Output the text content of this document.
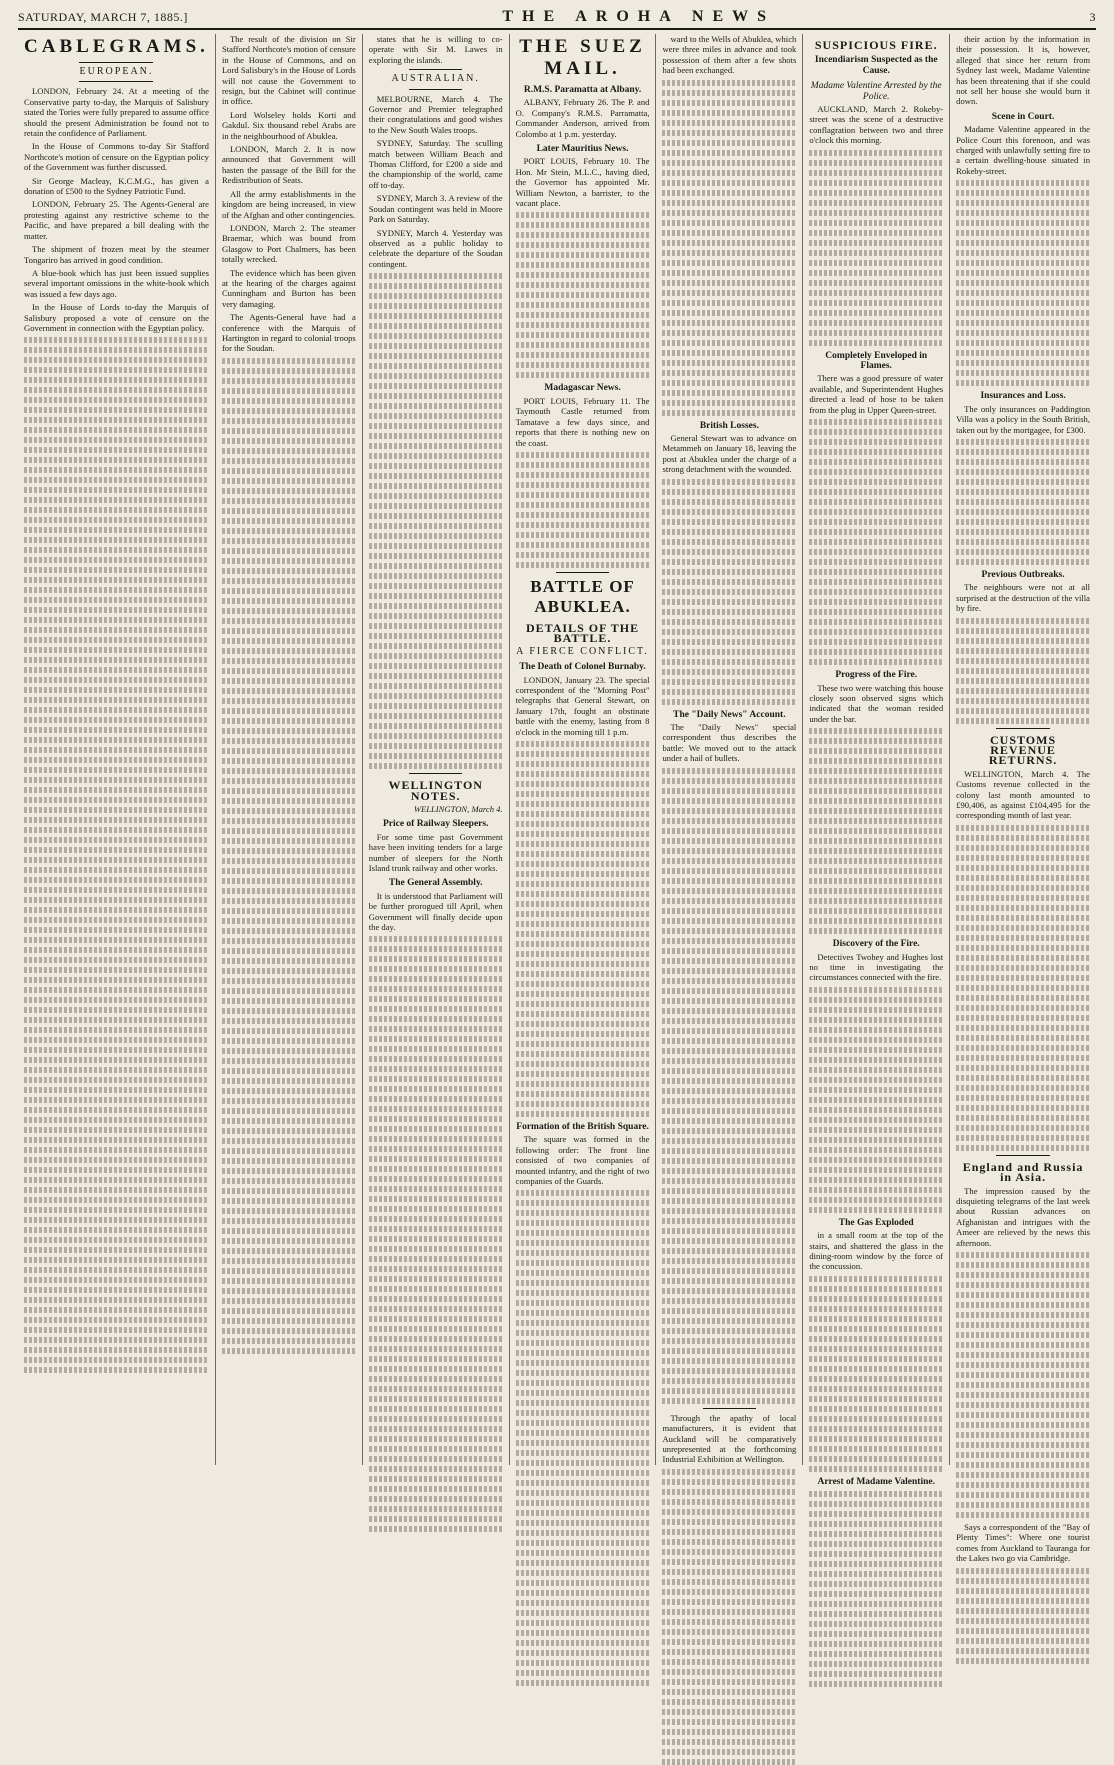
SATURDAY, MARCH 7, 1885.]	THE AROHA NEWS	3
CABLEGRAMS.
EUROPEAN.

LONDON, February 24. At a meeting of the Conservative party to-day, the Marquis of Salisbury stated the Tories were fully prepared to assume office should the present Administration be found not to retain the confidence of Parliament.

In the House of Commons to-day Sir Stafford Northcote's motion of censure on the Egyptian policy of the Government was further discussed.

Sir George Macleay, K.C.M.G., has given a donation of £500 to the Sydney Patriotic Fund.

LONDON, February 25. The Agents-General are protesting against any restrictive scheme to the Pacific, and have prepared a bill dealing with the matter.

The shipment of frozen meat by the steamer Tongariro has arrived in good condition.

A blue-book which has just been issued supplies several important omissions in the white-book which was issued a few days ago.

In the House of Lords to-day the Marquis of Salisbury proposed a vote of censure on the Government in connection with the Egyptian policy.

The result of the division on Sir Stafford Northcote's motion of censure in the House of Commons, and on Lord Salisbury's in the House of Lords will not cause the Government to resign, but the Cabinet will continue in office.

Lord Wolseley holds Korti and Gakdul. Six thousand rebel Arabs are in the neighbourhood of Abuklea.

LONDON, March 2. It is now announced that Government will hasten the passage of the Bill for the Redistribution of Seats.

All the army establishments in the kingdom are being increased, in view of the Afghan and other contingencies.

LONDON, March 2. The steamer Braemar, which was bound from Glasgow to Port Chalmers, has been totally wrecked.

The evidence which has been given at the hearing of the charges against Cunningham and Burton has been very damaging.

The Agents-General have had a conference with the Marquis of Hartington in regard to colonial troops for the Soudan.

states that he is willing to co-operate with Sir M. Lawes in exploring the islands.

AUSTRALIAN.

MELBOURNE, March 4. The Governor and Premier telegraphed their congratulations and good wishes to the New South Wales troops.

SYDNEY, Saturday. The sculling match between William Beach and Thomas Clifford, for £200 a side and the championship of the world, came off to-day.

SYDNEY, March 3. A review of the Soudan contingent was held in Moore Park on Saturday.

SYDNEY, March 4. Yesterday was observed as a public holiday to celebrate the departure of the Soudan contingent.

WELLINGTON NOTES.
WELLINGTON, March 4.
Price of Railway Sleepers.

For some time past Government have been inviting tenders for a large number of sleepers for the North Island trunk railway and other works.

The General Assembly.

It is understood that Parliament will be further prorogued till April, when Government will finally decide upon the day.

THE SUEZ MAIL.
R.M.S. Paramatta at Albany.

ALBANY, February 26. The P. and O. Company's R.M.S. Parramatta, Commander Anderson, arrived from Colombo at 1 p.m. yesterday.

Later Mauritius News.

PORT LOUIS, February 10. The Hon. Mr Stein, M.L.C., having died, the Governor has appointed Mr. William Newton, a barrister, to the vacant place.

Madagascar News.

PORT LOUIS, February 11. The Taymouth Castle returned from Tamatave a few days since, and reports that there is nothing new on the coast.

BATTLE OF ABUKLEA.
DETAILS OF THE BATTLE.
A FIERCE CONFLICT.
The Death of Colonel Burnaby.

LONDON, January 23. The special correspondent of the "Morning Post" telegraphs that General Stewart, on January 17th, fought an obstinate battle with the enemy, lasting from 8 o'clock in the morning till 1 p.m.

Formation of the British Square.

The square was formed in the following order: The front line consisted of two companies of mounted infantry, and the right of two companies of the Guards.

ward to the Wells of Abuklea, which were three miles in advance and took possession of them after a few shots had been exchanged.

British Losses.

General Stewart was to advance on Metammeh on January 18, leaving the post at Abuklea under the charge of a strong detachment with the wounded.

The "Daily News" Account.

The "Daily News" special correspondent thus describes the battle: We moved out to the attack under a hail of bullets.

Through the apathy of local manufacturers, it is evident that Auckland will be comparatively unrepresented at the forthcoming Industrial Exhibition at Wellington.

SUSPICIOUS FIRE.
Incendiarism Suspected as the Cause.
Madame Valentine Arrested by the Police.

AUCKLAND, March 2. Rokeby-street was the scene of a destructive conflagration between two and three o'clock this morning.

Completely Enveloped in Flames.

There was a good pressure of water available, and Superintendent Hughes directed a lead of hose to be taken from the plug in Upper Queen-street.

Progress of the Fire.

These two were watching this house closely soon observed signs which indicated that the woman resided under the bar.

Discovery of the Fire.

Detectives Twohey and Hughes lost no time in investigating the circumstances connected with the fire.

The Gas Exploded

in a small room at the top of the stairs, and shattered the glass in the dining-room window by the force of the concussion.

Arrest of Madame Valentine.

their action by the information in their possession. It is, however, alleged that since her return from Sydney last week, Madame Valentine has been threatening that if she could not sell her house she would burn it down.

Scene in Court.

Madame Valentine appeared in the Police Court this forenoon, and was charged with unlawfully setting fire to a certain dwelling-house situated in Rokeby-street.

Insurances and Loss.

The only insurances on Paddington Villa was a policy in the South British, taken out by the mortgagee, for £300.

Previous Outbreaks.

The neighbours were not at all surprised at the destruction of the villa by fire.

CUSTOMS REVENUE RETURNS.

WELLINGTON, March 4. The Customs revenue collected in the colony last month amounted to £90,406, as against £104,495 for the corresponding month of last year.

England and Russia in Asia.

The impression caused by the disquieting telegrams of the last week about Russian advances on Afghanistan and intrigues with the Ameer are relieved by the news this afternoon.

Says a correspondent of the "Bay of Plenty Times": Where one tourist comes from Auckland to Tauranga for the Lakes two go via Cambridge.
